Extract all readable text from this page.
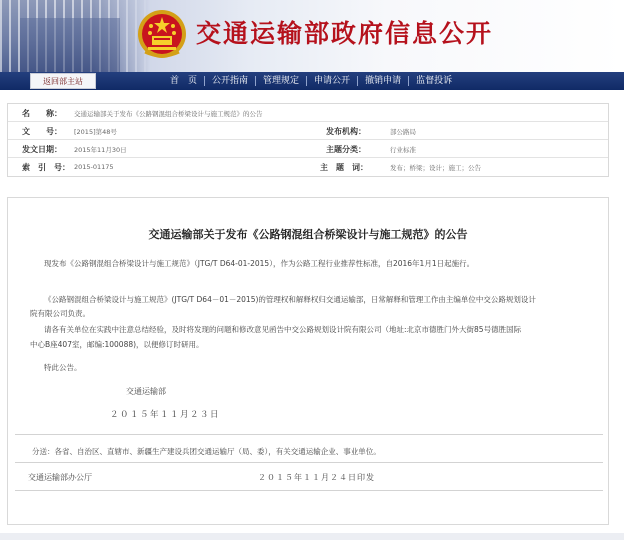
交通运输部政府信息公开
返回部主站	首　页	公开指南	管理规定	申请公开	撤销申请	监督投诉
名　　称： 交通运输部关于发布《公路钢混组合桥梁设计与施工规范》的公告
文　　号： [2015]第48号	发布机构：	部公路局
发文日期： 2015年11月30日	主题分类：	行业标准
索　引　号： 2015-01175	主　题　词：	发布；桥梁；设计；施工；公告
交通运输部关于发布《公路钢混组合桥梁设计与施工规范》的公告
现发布《公路钢混组合桥梁设计与施工规范》（JTG/T D64-01-2015），作为公路工程行业推荐性标准，自2016年1月1日起施行。
《公路钢混组合桥梁设计与施工规范》(JTG/T D64－01－2015)的管理权和解释权归交通运输部，日常解释和管理工作由主编单位中交公路规划设计
院有限公司负责。
请各有关单位在实践中注意总结经验，及时将发现的问题和修改意见函告中交公路规划设计院有限公司（地址:北京市德胜门外大街85号德胜国际
中心B座407室，邮编:100088)，以便修订时研用。
特此公告。
交通运输部
２０１５年１１月２３日
分送：各省、自治区、直辖市、新疆生产建设兵团交通运输厅（局、委），有关交通运输企业、事业单位。
交通运输部办公厅	２０１５年１１月２４日印发
